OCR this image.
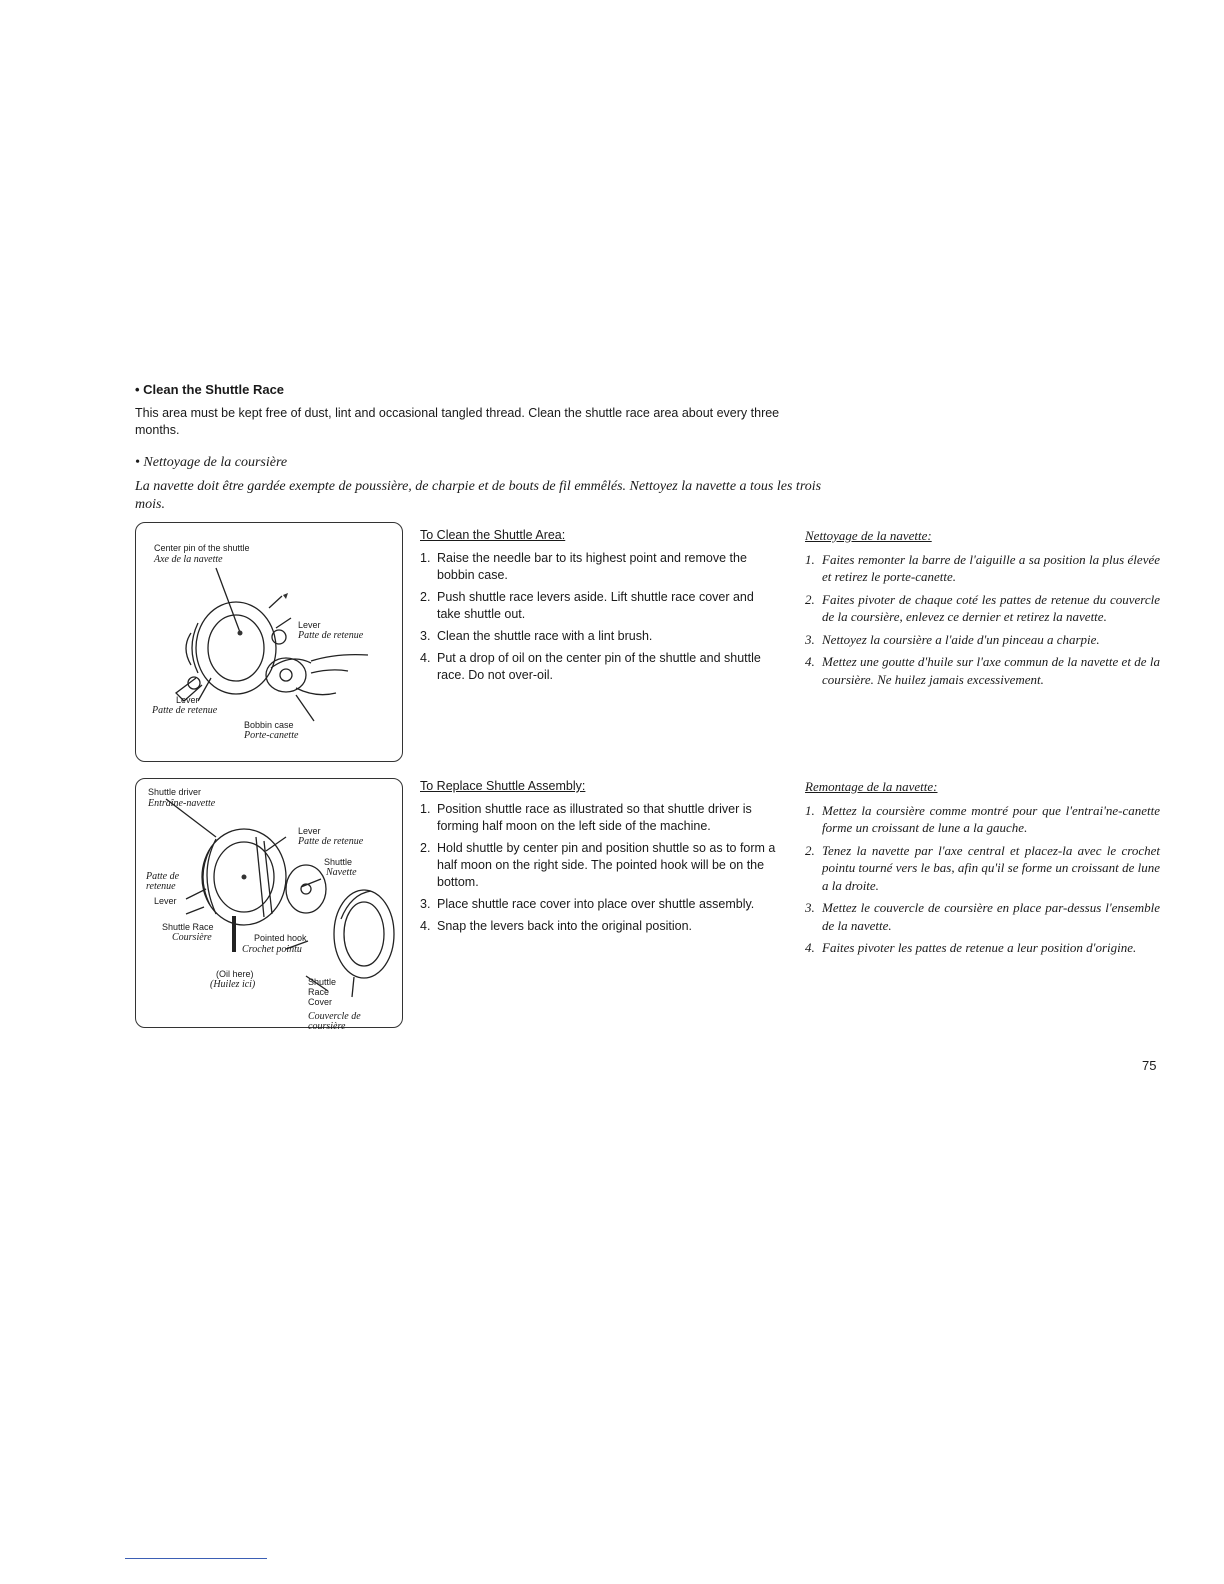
• Clean the Shuttle Race
This area must be kept free of dust, lint and occasional tangled thread. Clean the shuttle race area about every three months.
• Nettoyage de la coursière
La navette doit être gardée exempte de poussière, de charpie et de bouts de fil emmêlés. Nettoyez la navette a tous les trois mois.
Center pin of the shuttle
Axe de la navette
Lever
Patte de retenue
Lever
Patte de retenue
Bobbin case
Porte-canette
Shuttle driver
Entraîne-navette
Lever
Patte de retenue
Shuttle
Navette
Patte de retenue
Lever
Shuttle Race
Coursière	Pointed hook
Crochet pointu
(Oil here)
(Huilez ici)	Shuttle Race Cover
Couvercle de coursière
To Clean the Shuttle Area:
1. Raise the needle bar to its highest point and remove the bobbin case.
2. Push shuttle race levers aside. Lift shuttle race cover and take shuttle out.
3. Clean the shuttle race with a lint brush.
4. Put a drop of oil on the center pin of the shuttle and shuttle race. Do not over-oil.
Nettoyage de la navette:
1. Faites remonter la barre de l'aiguille a sa position la plus élevée et retirez le porte-canette.
2. Faites pivoter de chaque coté les pattes de retenue du couvercle de la coursière, enlevez ce dernier et retirez la navette.
3. Nettoyez la coursière a l'aide d'un pinceau a charpie.
4. Mettez une goutte d'huile sur l'axe commun de la navette et de la coursière. Ne huilez jamais excessivement.
To Replace Shuttle Assembly:
1. Position shuttle race as illustrated so that shuttle driver is forming half moon on the left side of the machine.
2. Hold shuttle by center pin and position shuttle so as to form a half moon on the right side. The pointed hook will be on the bottom.
3. Place shuttle race cover into place over shuttle assembly.
4. Snap the levers back into the original position.
Remontage de la navette:
1. Mettez la coursière comme montré pour que l'entrai'ne-canette forme un croissant de lune a la gauche.
2. Tenez la navette par l'axe central et placez-la avec le crochet pointu tourné vers le bas, afin qu'il se forme un croissant de lune a la droite.
3. Mettez le couvercle de coursière en place par-dessus l'ensemble de la navette.
4. Faites pivoter les pattes de retenue a leur position d'origine.
75
